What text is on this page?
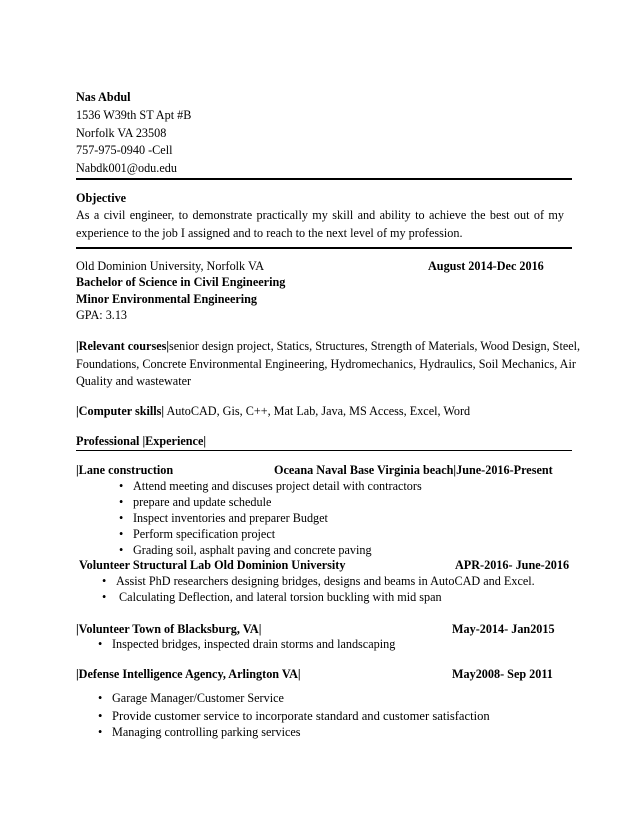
Nas Abdul
1536 W39th ST Apt #B
Norfolk VA 23508
757-975-0940 -Cell
Nabdk001@odu.edu
Objective
As a civil engineer, to demonstrate practically my skill and ability to achieve the best out of my
experience to the job I assigned and to reach to the next level of my profession.
Old Dominion University, Norfolk VA	August 2014-Dec 2016
Bachelor of Science in Civil Engineering
Minor Environmental Engineering
GPA: 3.13
|Relevant courses|senior design project, Statics, Structures, Strength of Materials, Wood Design, Steel,
Foundations, Concrete Environmental Engineering, Hydromechanics, Hydraulics, Soil Mechanics, Air
Quality and wastewater
|Computer skills| AutoCAD, Gis, C++, Mat Lab, Java, MS Access, Excel, Word
Professional |Experience|
|Lane construction	Oceana Naval Base Virginia beach|June-2016-Present
• Attend meeting and discuses project detail with contractors
• prepare and update schedule
• Inspect inventories and preparer Budget
• Perform specification project
• Grading soil, asphalt paving and concrete paving
Volunteer Structural Lab Old Dominion University	APR-2016- June-2016
• Assist PhD researchers designing bridges, designs and beams in AutoCAD and Excel.
• Calculating Deflection, and lateral torsion buckling with mid span
|Volunteer Town of Blacksburg, VA|	May-2014- Jan2015
• Inspected bridges, inspected drain storms and landscaping
|Defense Intelligence Agency, Arlington VA|	May2008- Sep 2011
• Garage Manager/Customer Service
• Provide customer service to incorporate standard and customer satisfaction
• Managing controlling parking services
